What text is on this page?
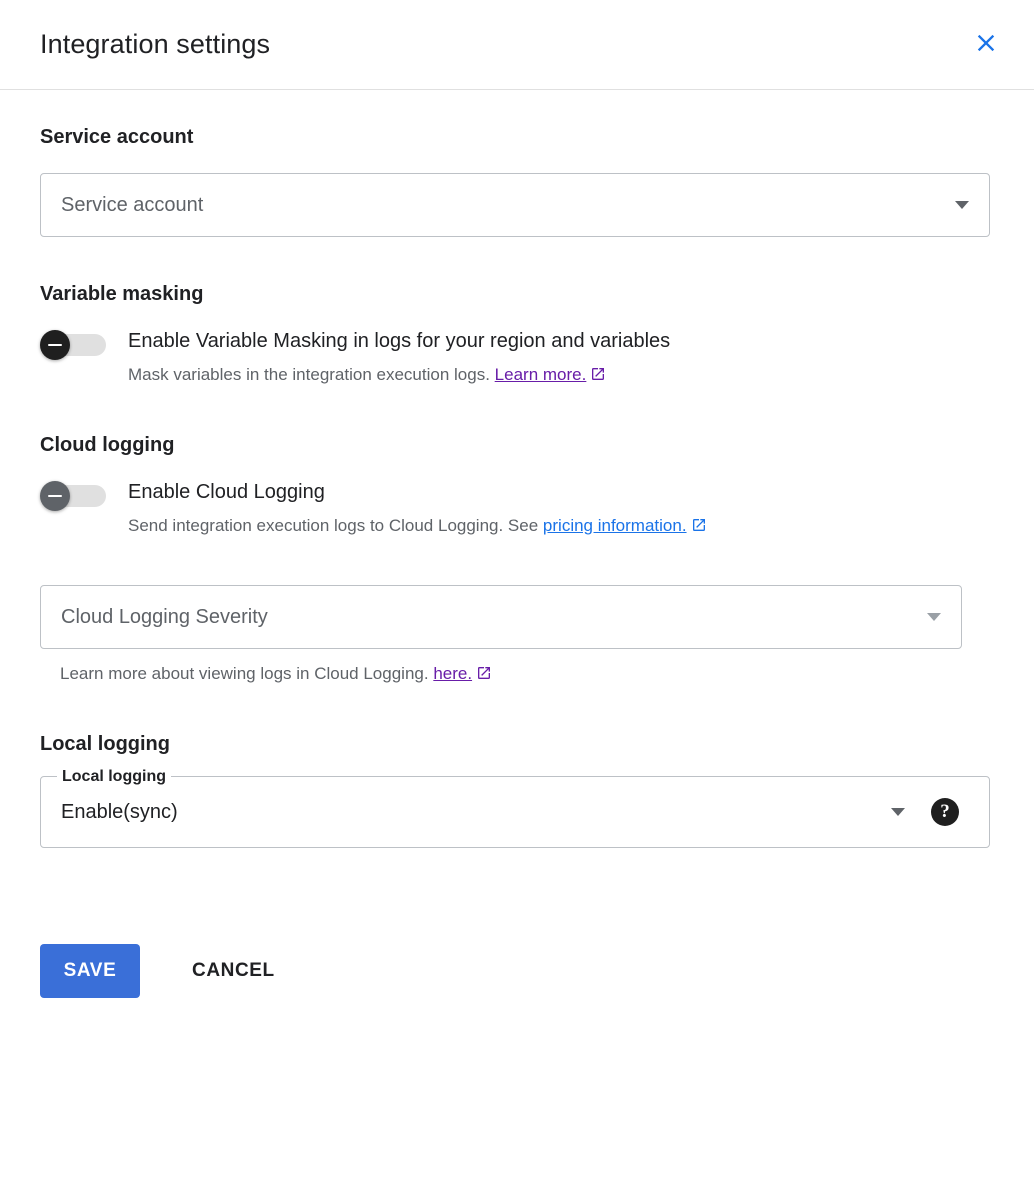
Integration settings
Service account
Service account
Variable masking
Enable Variable Masking in logs for your region and variables
Mask variables in the integration execution logs. Learn more.
Cloud logging
Enable Cloud Logging
Send integration execution logs to Cloud Logging. See pricing information.
Cloud Logging Severity
Learn more about viewing logs in Cloud Logging. here.
Local logging
Local logging
Enable(sync)	?
SAVE	CANCEL
